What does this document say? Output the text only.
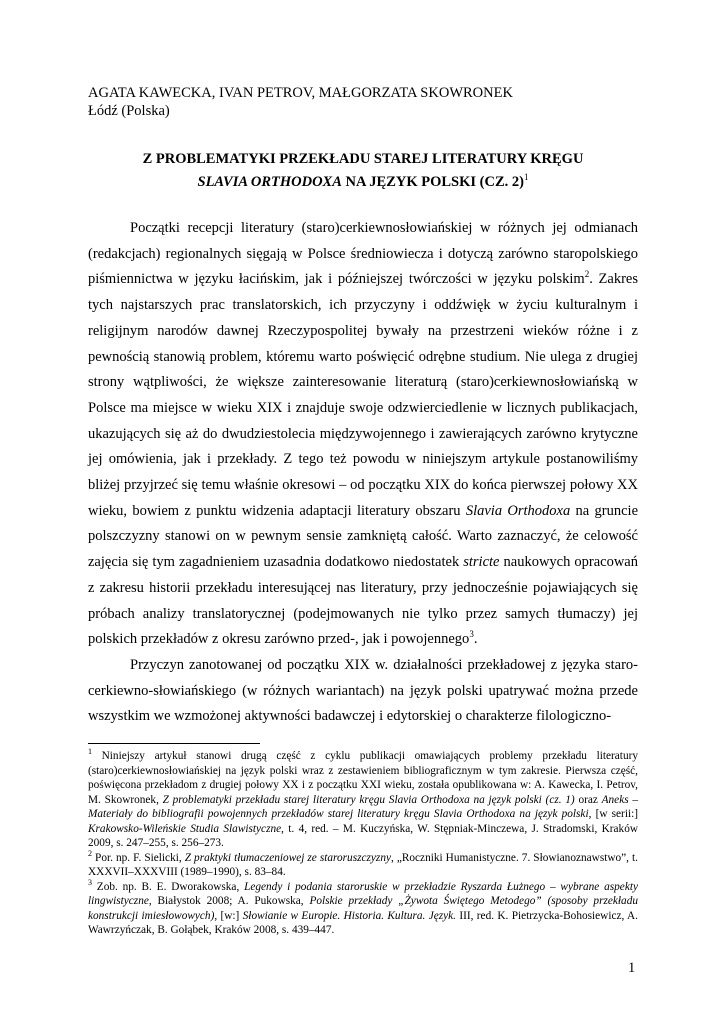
AGATA KAWECKA, IVAN PETROV, MAŁGORZATA SKOWRONEK
Łódź (Polska)
Z PROBLEMATYKI PRZEKŁADU STAREJ LITERATURY KRĘGU
SLAVIA ORTHODOXA NA JĘZYK POLSKI (CZ. 2)$^1$

Początki recepcji literatury (staro)cerkiewnosłowiańskiej w różnych jej odmianach (redakcjach) regionalnych sięgają w Polsce średniowiecza i dotyczą zarówno staropolskiego piśmiennictwa w języku łacińskim, jak i późniejszej twórczości w języku polskim$^2$. Zakres tych najstarszych prac translatorskich, ich przyczyny i oddźwięk w życiu kulturalnym i religijnym narodów dawnej Rzeczypospolitej bywały na przestrzeni wieków różne i z pewnością stanowią problem, któremu warto poświęcić odrębne studium. Nie ulega z drugiej strony wątpliwości, że większe zainteresowanie literaturą (staro)cerkiewnosłowiańską w Polsce ma miejsce w wieku XIX i znajduje swoje odzwierciedlenie w licznych publikacjach, ukazujących się aż do dwudziestolecia międzywojennego i zawierających zarówno krytyczne jej omówienia, jak i przekłady. Z tego też powodu w niniejszym artykule postanowiliśmy bliżej przyjrzeć się temu właśnie okresowi – od początku XIX do końca pierwszej połowy XX wieku, bowiem z punktu widzenia adaptacji literatury obszaru Slavia Orthodoxa na gruncie polszczyzny stanowi on w pewnym sensie zamkniętą całość. Warto zaznaczyć, że celowość zajęcia się tym zagadnieniem uzasadnia dodatkowo niedostatek stricte naukowych opracowań z zakresu historii przekładu interesującej nas literatury, przy jednocześnie pojawiających się próbach analizy translatorycznej (podejmowanych nie tylko przez samych tłumaczy) jej polskich przekładów z okresu zarówno przed-, jak i powojennego$^3$.

Przyczyn zanotowanej od początku XIX w. działalności przekładowej z języka staro-cerkiewno-słowiańskiego (w różnych wariantach) na język polski upatrywać można przede wszystkim we wzmożonej aktywności badawczej i edytorskiej o charakterze filologiczno-

$^1$ Niniejszy artykuł stanowi drugą część z cyklu publikacji omawiających problemy przekładu literatury (staro)cerkiewnosłowiańskiej na język polski wraz z zestawieniem bibliograficznym w tym zakresie. Pierwsza część, poświęcona przekładom z drugiej połowy XX i z początku XXI wieku, została opublikowana w: A. Kawecka, I. Petrov, M. Skowronek, Z problematyki przekładu starej literatury kręgu Slavia Orthodoxa na język polski (cz. 1) oraz Aneks – Materiały do bibliografii powojennych przekładów starej literatury kręgu Slavia Orthodoxa na język polski, [w serii:] Krakowsko-Wileńskie Studia Slawistyczne, t. 4, red. – M. Kuczyńska, W. Stępniak-Minczewa, J. Stradomski, Kraków 2009, s. 247–255, s. 256–273.

$^2$ Por. np. F. Sielicki, Z praktyki tłumaczeniowej ze staroruszczyzny, „Roczniki Humanistyczne. 7. Słowianoznawstwo”, t. XXXVII–XXXVIII (1989–1990), s. 83–84.

$^3$ Zob. np. B. E. Dworakowska, Legendy i podania staroruskie w przekładzie Ryszarda Łużnego – wybrane aspekty lingwistyczne, Białystok 2008; A. Pukowska, Polskie przekłady „Żywota Świętego Metodego” (sposoby przekładu konstrukcji imiesłowowych), [w:] Słowianie w Europie. Historia. Kultura. Język. III, red. K. Pietrzycka-Bohosiewicz, A. Wawrzyńczak, B. Gołąbek, Kraków 2008, s. 439–447.

1
